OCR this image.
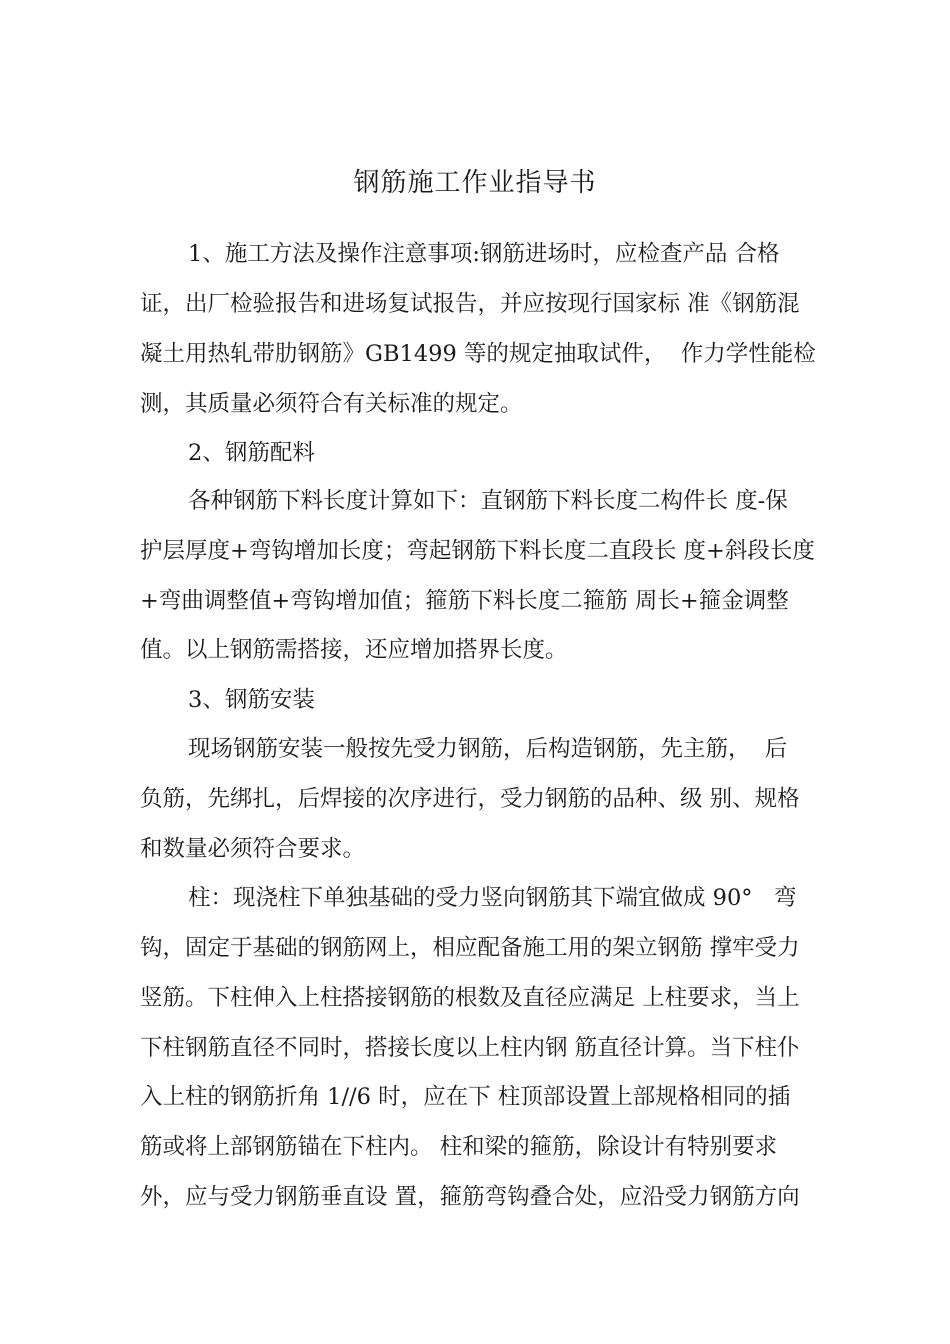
钢筋施工作业指导书
1、施工方法及操作注意事项:钢筋进场时，应检查产品 合格
证，出厂检验报告和进场复试报告，并应按现行国家标 准《钢筋混
凝土用热轧带肋钢筋》GB1499 等的规定抽取试件，  作力学性能检
测，其质量必须符合有关标准的规定。
2、钢筋配料
各种钢筋下料长度计算如下：直钢筋下料长度二构件长 度-保
护层厚度+弯钩增加长度；弯起钢筋下料长度二直段长 度+斜段长度
+弯曲调整值+弯钩增加值；箍筋下料长度二箍筋 周长+箍金调整
值。以上钢筋需搭接，还应增加搭界长度。
3、钢筋安装
现场钢筋安装一般按先受力钢筋，后构造钢筋，先主筋，  后
负筋，先绑扎，后焊接的次序进行，受力钢筋的品种、级 别、规格
和数量必须符合要求。
柱：现浇柱下单独基础的受力竖向钢筋其下端宜做成 90°   弯
钩，固定于基础的钢筋网上，相应配备施工用的架立钢筋 撑牢受力
竖筋。下柱伸入上柱搭接钢筋的根数及直径应满足 上柱要求，当上
下柱钢筋直径不同时，搭接长度以上柱内钢 筋直径计算。当下柱仆
入上柱的钢筋折角 1//6 时，应在下 柱顶部设置上部规格相同的插
筋或将上部钢筋锚在下柱内。 柱和梁的箍筋，除设计有特别要求
外，应与受力钢筋垂直设 置，箍筋弯钩叠合处，应沿受力钢筋方向
